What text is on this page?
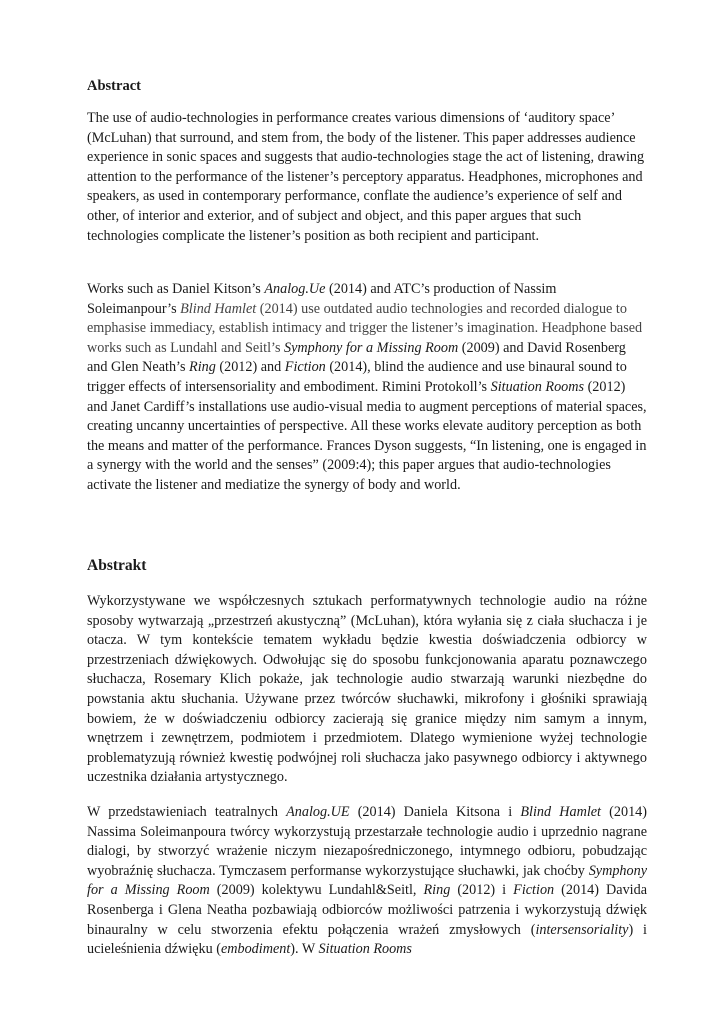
Abstract

The use of audio-technologies in performance creates various dimensions of ‘auditory space’ (McLuhan) that surround, and stem from, the body of the listener. This paper addresses audience experience in sonic spaces and suggests that audio-technologies stage the act of listening, drawing attention to the performance of the listener’s perceptory apparatus. Headphones, microphones and speakers, as used in contemporary performance, conflate the audience’s experience of self and other, of interior and exterior, and of subject and object, and this paper argues that such technologies complicate the listener’s position as both recipient and participant.

Works such as Daniel Kitson’s Analog.Ue (2014) and ATC’s production of Nassim Soleimanpour’s Blind Hamlet (2014) use outdated audio technologies and recorded dialogue to emphasise immediacy, establish intimacy and trigger the listener’s imagination. Headphone based works such as Lundahl and Seitl’s Symphony for a Missing Room (2009) and David Rosenberg and Glen Neath’s Ring (2012) and Fiction (2014), blind the audience and use binaural sound to trigger effects of intersensoriality and embodiment. Rimini Protokoll’s Situation Rooms (2012) and Janet Cardiff’s installations use audio-visual media to augment perceptions of material spaces, creating uncanny uncertainties of perspective. All these works elevate auditory perception as both the means and matter of the performance. Frances Dyson suggests, “In listening, one is engaged in a synergy with the world and the senses” (2009:4); this paper argues that audio-technologies activate the listener and mediatize the synergy of body and world.

Abstrakt

Wykorzystywane we współczesnych sztukach performatywnych technologie audio na różne sposoby wytwarzają „przestrzeń akustyczną” (McLuhan), która wyłania się z ciała słuchacza i je otacza. W tym kontekście tematem wykładu będzie kwestia doświadczenia odbiorcy w przestrzeniach dźwiękowych. Odwołując się do sposobu funkcjonowania aparatu poznawczego słuchacza, Rosemary Klich pokaże, jak technologie audio stwarzają warunki niezbędne do powstania aktu słuchania. Używane przez twórców słuchawki, mikrofony i głośniki sprawiają bowiem, że w doświadczeniu odbiorcy zacierają się granice między nim samym a innym, wnętrzem i zewnętrzem, podmiotem i przedmiotem. Dlatego wymienione wyżej technologie problematyzują również kwestię podwójnej roli słuchacza jako pasywnego odbiorcy i aktywnego uczestnika działania artystycznego.

W przedstawieniach teatralnych Analog.UE (2014) Daniela Kitsona i Blind Hamlet (2014) Nassima Soleimanpoura twórcy wykorzystują przestarzałe technologie audio i uprzednio nagrane dialogi, by stworzyć wrażenie niczym niezapośredniczonego, intymnego odbioru, pobudzając wyobraźnię słuchacza. Tymczasem performanse wykorzystujące słuchawki, jak choćby Symphony for a Missing Room (2009) kolektywu Lundahl&Seitl, Ring (2012) i Fiction (2014) Davida Rosenberga i Glena Neatha pozbawiają odbiorców możliwości patrzenia i wykorzystują dźwięk binauralny w celu stworzenia efektu połączenia wrażeń zmysłowych (intersensoriality) i ucieleśnienia dźwięku (embodiment). W Situation Rooms
